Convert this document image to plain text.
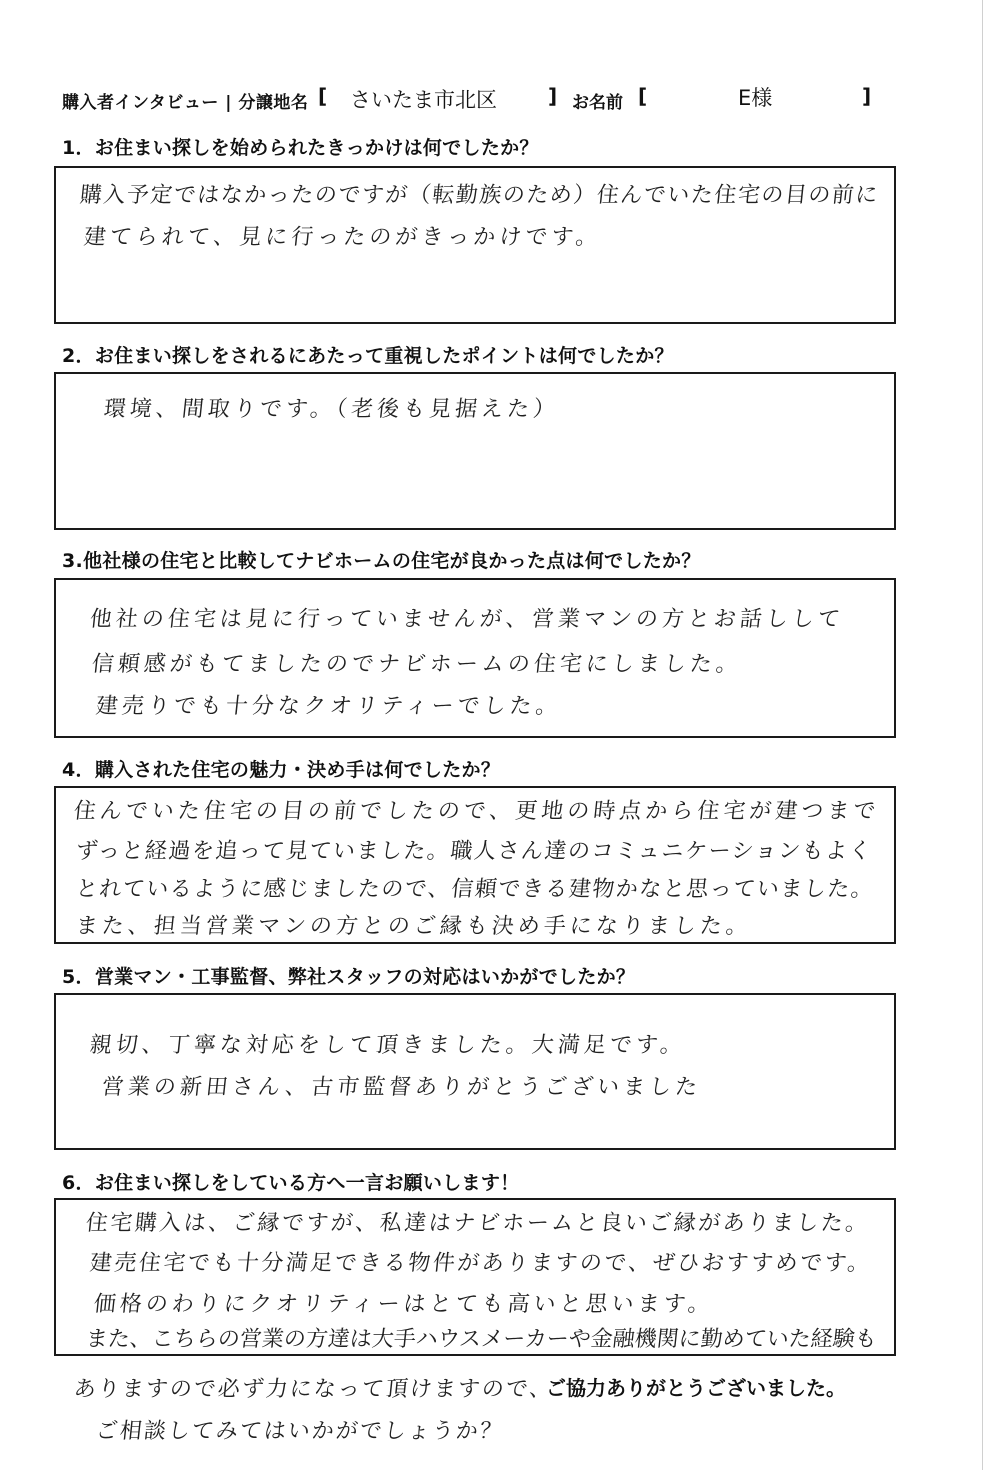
購入者インタビュー | 分譲地名 [ さいたま市北区	] お名前 [	E様	]
1．お住まい探しを始められたきっかけは何でしたか？
購入予定ではなかったのですが（転勤族のため）住んでいた住宅の目の前に
建てられて、見に行ったのがきっかけです。
2．お住まい探しをされるにあたって重視したポイントは何でしたか？
環境、間取りです。（老後も見据えた）
3.他社様の住宅と比較してナビホームの住宅が良かった点は何でしたか？
他社の住宅は見に行っていませんが、営業マンの方とお話しして
信頼感がもてましたのでナビホームの住宅にしました。
建売りでも十分なクオリティーでした。
4．購入された住宅の魅力・決め手は何でしたか？
住んでいた住宅の目の前でしたので、更地の時点から住宅が建つまで
ずっと経過を追って見ていました。職人さん達のコミュニケーションもよく
とれているように感じましたので、信頼できる建物かなと思っていました。
また、担当営業マンの方とのご縁も決め手になりました。
5．営業マン・工事監督、弊社スタッフの対応はいかがでしたか？
親切、丁寧な対応をして頂きました。大満足です。
営業の新田さん、古市監督ありがとうございました
6．お住まい探しをしている方へ一言お願いします！
住宅購入は、ご縁ですが、私達はナビホームと良いご縁がありました。
建売住宅でも十分満足できる物件がありますので、ぜひおすすめです。
価格のわりにクオリティーはとても高いと思います。
また、こちらの営業の方達は大手ハウスメーカーや金融機関に勤めていた経験も
ありますので必ず力になって頂けますので、
ご相談してみてはいかがでしょうか？
ご協力ありがとうございました。
